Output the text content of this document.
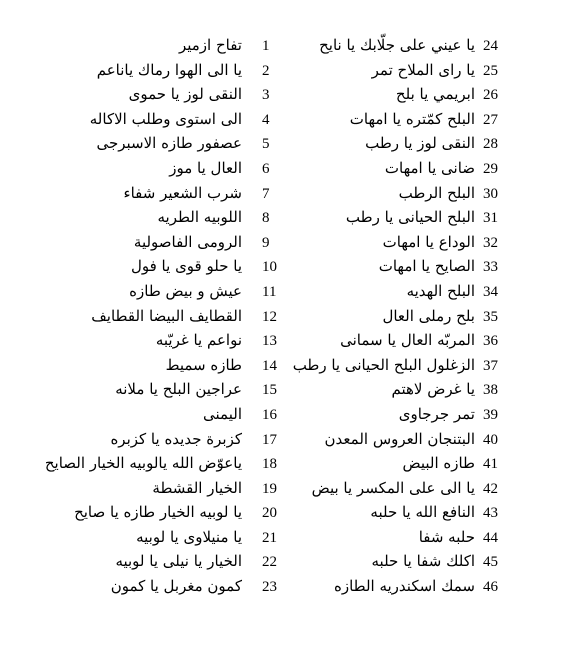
24
يا عيني على جلّابك يا نايح
25
يا راى الملاح تمر
26
ابريمي يا بلح
27
البلح كمّتره يا امهات
28
النقى لوز يا رطب
29
ضانى يا امهات
30
البلح الرطب
31
البلح الحيانى يا رطب
32
الوداع يا امهات
33
الصايح يا امهات
34
البلح الهديه
35
بلح رملى العال
36
المربّه العال يا سمانى
37
الزغلول البلح الحيانى يا رطب
38
يا غرض لاهتم
39
تمر جرجاوى
40
البتنجان العروس المعدن
41
طازه البيض
42
يا الى على المكسر يا بيض
43
النافع الله يا حلبه
44
حلبه شفا
45
اكلك شفا يا حلبه
46
سمك اسكندريه الطازه
1
تفاح ازمير
2
يا الى الهوا رماك ياناعم
3
النقى لوز يا حموى
4
الى استوى وطلب الاكاله
5
عصفور طازه الاسبرجى
6
العال يا موز
7
شرب الشعير شفاء
8
اللوبيه الطريه
9
الرومى الفاصولية
10
يا حلو قوى يا فول
11
عيش و بيض طازه
12
القطايف البيضا القطايف
13
نواعم يا غريّبه
14
طازه سميط
15
عراجين البلح يا ملانه
16
اليمنى
17
كزبرة جديده يا كزبره
18
ياعوّض الله يالوبيه الخيار الصايح
19
الخيار القشطة
20
يا لوبيه الخيار طازه يا صايح
21
يا منيلاوى يا لوبيه
22
الخيار يا نيلى يا لوبيه
23
كمون مغربل يا كمون
